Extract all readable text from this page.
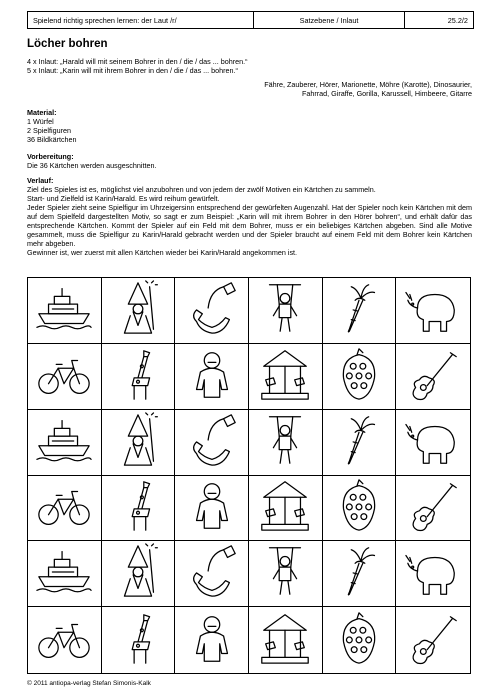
Spielend richtig sprechen lernen: der Laut /r/	Satzebene / Inlaut	25.2/2
Löcher bohren
4 x Inlaut: „Harald will mit seinem Bohrer in den / die / das ... bohren.“
5 x Inlaut: „Karin will mit ihrem Bohrer in den / die / das ... bohren.“
Fähre, Zauberer, Hörer, Marionette, Möhre (Karotte), Dinosaurier,
Fahrrad, Giraffe, Gorilla, Karussell, Himbeere, Gitarre
Material:
1 Würfel
2 Spielfiguren
36 Bildkärtchen
Vorbereitung:
Die 36 Kärtchen werden ausgeschnitten.
Verlauf:
Ziel des Spieles ist es, möglichst viel anzubohren und von jedem der zwölf Motiven ein Kärtchen zu sammeln.
Start- und Zielfeld ist Karin/Harald. Es wird reihum gewürfelt.
Jeder Spieler zieht seine Spielfigur im Uhrzeigersinn entsprechend der gewürfelten Augenzahl. Hat der Spieler noch kein Kärtchen mit dem auf dem Spielfeld dargestellten Motiv, so sagt er zum Beispiel: „Karin will mit ihrem Bohrer in den Hörer bohren“, und erhält dafür das entsprechende Kärtchen. Kommt der Spieler auf ein Feld mit dem Bohrer, muss er ein beliebiges Kärtchen abgeben. Sind alle Motive gesammelt, muss die Spielfigur zu Karin/Harald gebracht werden und der Spieler braucht auf einem Feld mit dem Bohrer kein Kärtchen mehr abgeben.
Gewinner ist, wer zuerst mit allen Kärtchen wieder bei Karin/Harald angekommen ist.
© 2011 antiopa-verlag Stefan Simonis-Kalk
